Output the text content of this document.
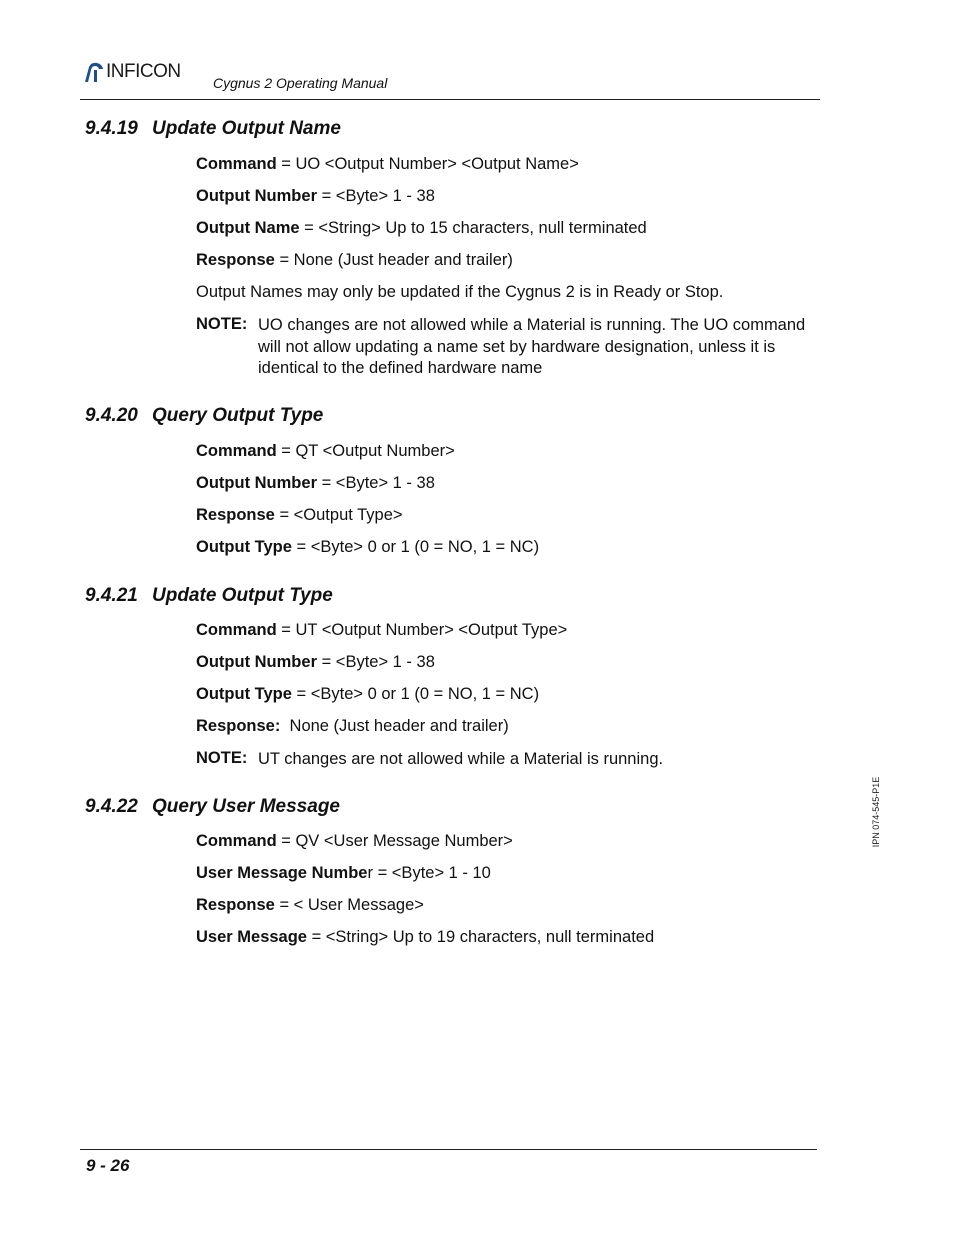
INFICON
Cygnus 2 Operating Manual
9.4.19 Update Output Name
Command = UO <Output Number> <Output Name>
Output Number = <Byte> 1 - 38
Output Name = <String> Up to 15 characters, null terminated
Response = None (Just header and trailer)
Output Names may only be updated if the Cygnus 2 is in Ready or Stop.
NOTE: UO changes are not allowed while a Material is running. The UO command will not allow updating a name set by hardware designation, unless it is identical to the defined hardware name
9.4.20 Query Output Type
Command = QT <Output Number>
Output Number = <Byte> 1 - 38
Response = <Output Type>
Output Type = <Byte> 0 or 1 (0 = NO, 1 = NC)
9.4.21 Update Output Type
Command = UT <Output Number> <Output Type>
Output Number = <Byte> 1 - 38
Output Type = <Byte> 0 or 1 (0 = NO, 1 = NC)
Response:  None (Just header and trailer)
NOTE: UT changes are not allowed while a Material is running.
9.4.22 Query User Message
Command = QV <User Message Number>
User Message Number = <Byte> 1 - 10
Response = < User Message>
User Message = <String> Up to 19 characters, null terminated
IPN 074-545-P1E
9 - 26
